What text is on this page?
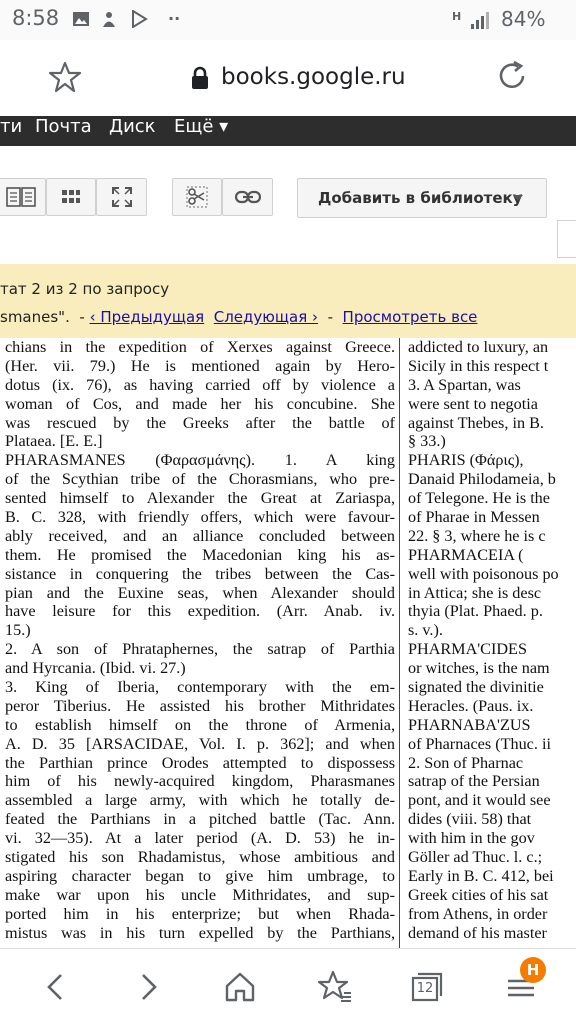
8:58	··	H 84%
books.google.ru
ти Почта Диск Ещё ▾
Добавить в библиотеку
тат 2 из 2 по запросу
smanes". - ‹ Предыдущая Следующая › - Просмотреть все
chians in the expedition of Xerxes against Greece.
(Her. vii. 79.) He is mentioned again by Hero-
dotus (ix. 76), as having carried off by violence a
woman of Cos, and made her his concubine. She
was rescued by the Greeks after the battle of
Plataea. [E. E.]
PHARASMANES (Φαρασμάνης). 1. A king
of the Scythian tribe of the Chorasmians, who pre-
sented himself to Alexander the Great at Zariaspa,
B. C. 328, with friendly offers, which were favour-
ably received, and an alliance concluded between
them. He promised the Macedonian king his as-
sistance in conquering the tribes between the Cas-
pian and the Euxine seas, when Alexander should
have leisure for this expedition. (Arr. Anab. iv.
15.)
2. A son of Phrataphernes, the satrap of Parthia
and Hyrcania. (Ibid. vi. 27.)
3. King of Iberia, contemporary with the em-
peror Tiberius. He assisted his brother Mithridates
to establish himself on the throne of Armenia,
A. D. 35 [ARSACIDAE, Vol. I. p. 362]; and when
the Parthian prince Orodes attempted to dispossess
him of his newly-acquired kingdom, Pharasmanes
assembled a large army, with which he totally de-
feated the Parthians in a pitched battle (Tac. Ann.
vi. 32—35). At a later period (A. D. 53) he in-
stigated his son Rhadamistus, whose ambitious and
aspiring character began to give him umbrage, to
make war upon his uncle Mithridates, and sup-
ported him in his enterprize; but when Rhada-
mistus was in his turn expelled by the Parthians,
addicted to luxury, an
Sicily in this respect t
3. A Spartan, was
were sent to negotia
against Thebes, in B.
§ 33.)
PHARIS (Φάρις),
Danaid Philodameia, b
of Telegone. He is the
of Pharae in Messen
22. § 3, where he is c
PHARMACEIA (
well with poisonous po
in Attica; she is desc
thyia (Plat. Phaed. p.
s. v.).
PHARMA'CIDES
or witches, is the nam
signated the divinitie
Heracles. (Paus. ix.
PHARNABA'ZUS
of Pharnaces (Thuc. ii
2. Son of Pharnac
satrap of the Persian
pont, and it would see
dides (viii. 58) that
with him in the gov
Göller ad Thuc. l. c.;
Early in B. C. 412, bei
Greek cities of his sat
from Athens, in order
demand of his master
12
H
